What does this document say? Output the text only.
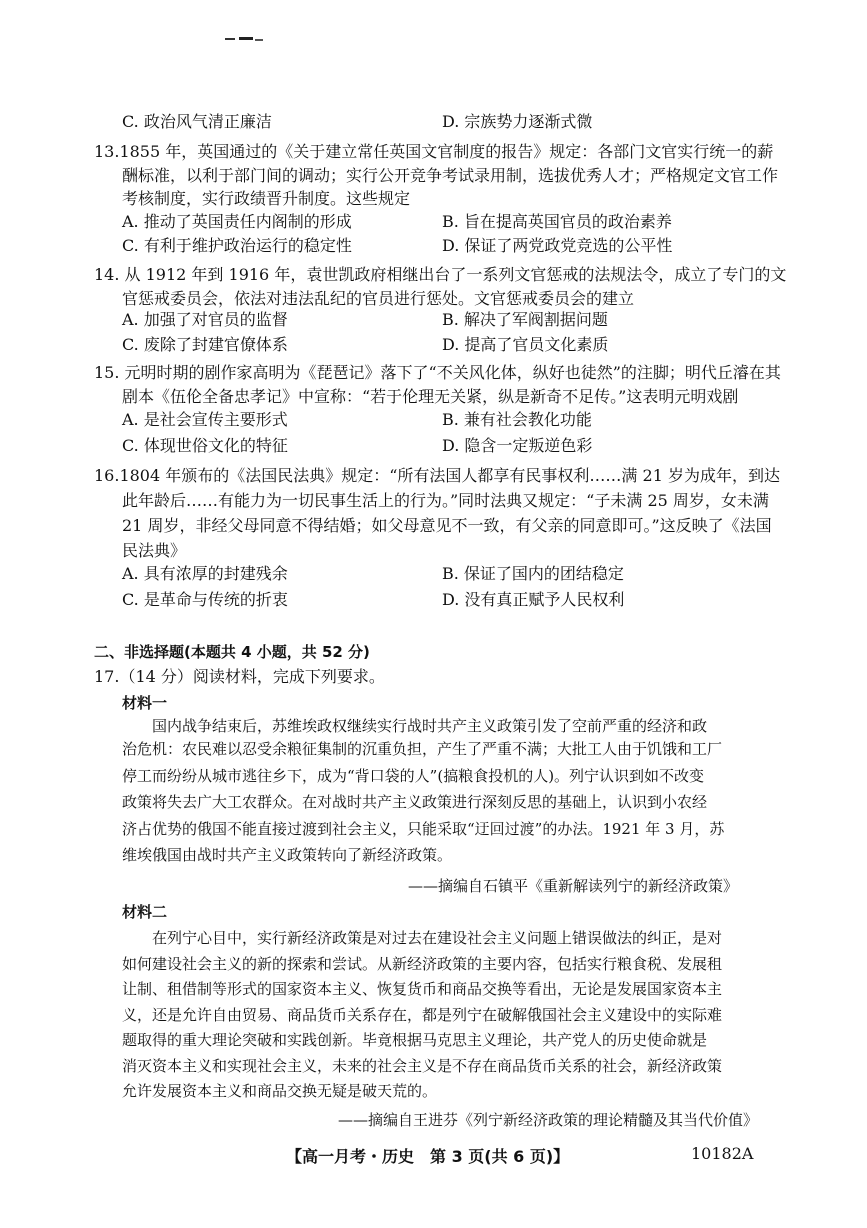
C. 政治风气清正廉洁	D. 宗族势力逐渐式微
13.1855 年，英国通过的《关于建立常任英国文官制度的报告》规定：各部门文官实行统一的薪
酬标准，以利于部门间的调动；实行公开竞争考试录用制，选拔优秀人才；严格规定文官工作
考核制度，实行政绩晋升制度。这些规定
A. 推动了英国责任内阁制的形成	B. 旨在提高英国官员的政治素养
C. 有利于维护政治运行的稳定性	D. 保证了两党政党竞选的公平性
14. 从 1912 年到 1916 年，袁世凯政府相继出台了一系列文官惩戒的法规法令，成立了专门的文
官惩戒委员会，依法对违法乱纪的官员进行惩处。文官惩戒委员会的建立
A. 加强了对官员的监督	B. 解决了军阀割据问题
C. 废除了封建官僚体系	D. 提高了官员文化素质
15. 元明时期的剧作家高明为《琵琶记》落下了“不关风化体，纵好也徒然”的注脚；明代丘濬在其
剧本《伍伦全备忠孝记》中宣称：“若于伦理无关紧，纵是新奇不足传。”这表明元明戏剧
A. 是社会宣传主要形式	B. 兼有社会教化功能
C. 体现世俗文化的特征	D. 隐含一定叛逆色彩
16.1804 年颁布的《法国民法典》规定：“所有法国人都享有民事权利……满 21 岁为成年，到达
此年龄后……有能力为一切民事生活上的行为。”同时法典又规定：“子未满 25 周岁，女未满
21 周岁，非经父母同意不得结婚；如父母意见不一致，有父亲的同意即可。”这反映了《法国
民法典》
A. 具有浓厚的封建残余	B. 保证了国内的团结稳定
C. 是革命与传统的折衷	D. 没有真正赋予人民权利
二、非选择题(本题共 4 小题，共 52 分)
17.（14 分）阅读材料，完成下列要求。
材料一
国内战争结束后，苏维埃政权继续实行战时共产主义政策引发了空前严重的经济和政
治危机：农民难以忍受余粮征集制的沉重负担，产生了严重不满；大批工人由于饥饿和工厂
停工而纷纷从城市逃往乡下，成为“背口袋的人”(搞粮食投机的人)。列宁认识到如不改变
政策将失去广大工农群众。在对战时共产主义政策进行深刻反思的基础上，认识到小农经
济占优势的俄国不能直接过渡到社会主义，只能采取“迂回过渡”的办法。1921 年 3 月，苏
维埃俄国由战时共产主义政策转向了新经济政策。
——摘编自石镇平《重新解读列宁的新经济政策》
材料二
在列宁心目中，实行新经济政策是对过去在建设社会主义问题上错误做法的纠正，是对
如何建设社会主义的新的探索和尝试。从新经济政策的主要内容，包括实行粮食税、发展租
让制、租借制等形式的国家资本主义、恢复货币和商品交换等看出，无论是发展国家资本主
义，还是允许自由贸易、商品货币关系存在，都是列宁在破解俄国社会主义建设中的实际难
题取得的重大理论突破和实践创新。毕竟根据马克思主义理论，共产党人的历史使命就是
消灭资本主义和实现社会主义，未来的社会主义是不存在商品货币关系的社会，新经济政策
允许发展资本主义和商品交换无疑是破天荒的。
——摘编自王进芬《列宁新经济政策的理论精髓及其当代价值》
【高一月考・历史　第 3 页(共 6 页)】	10182A
